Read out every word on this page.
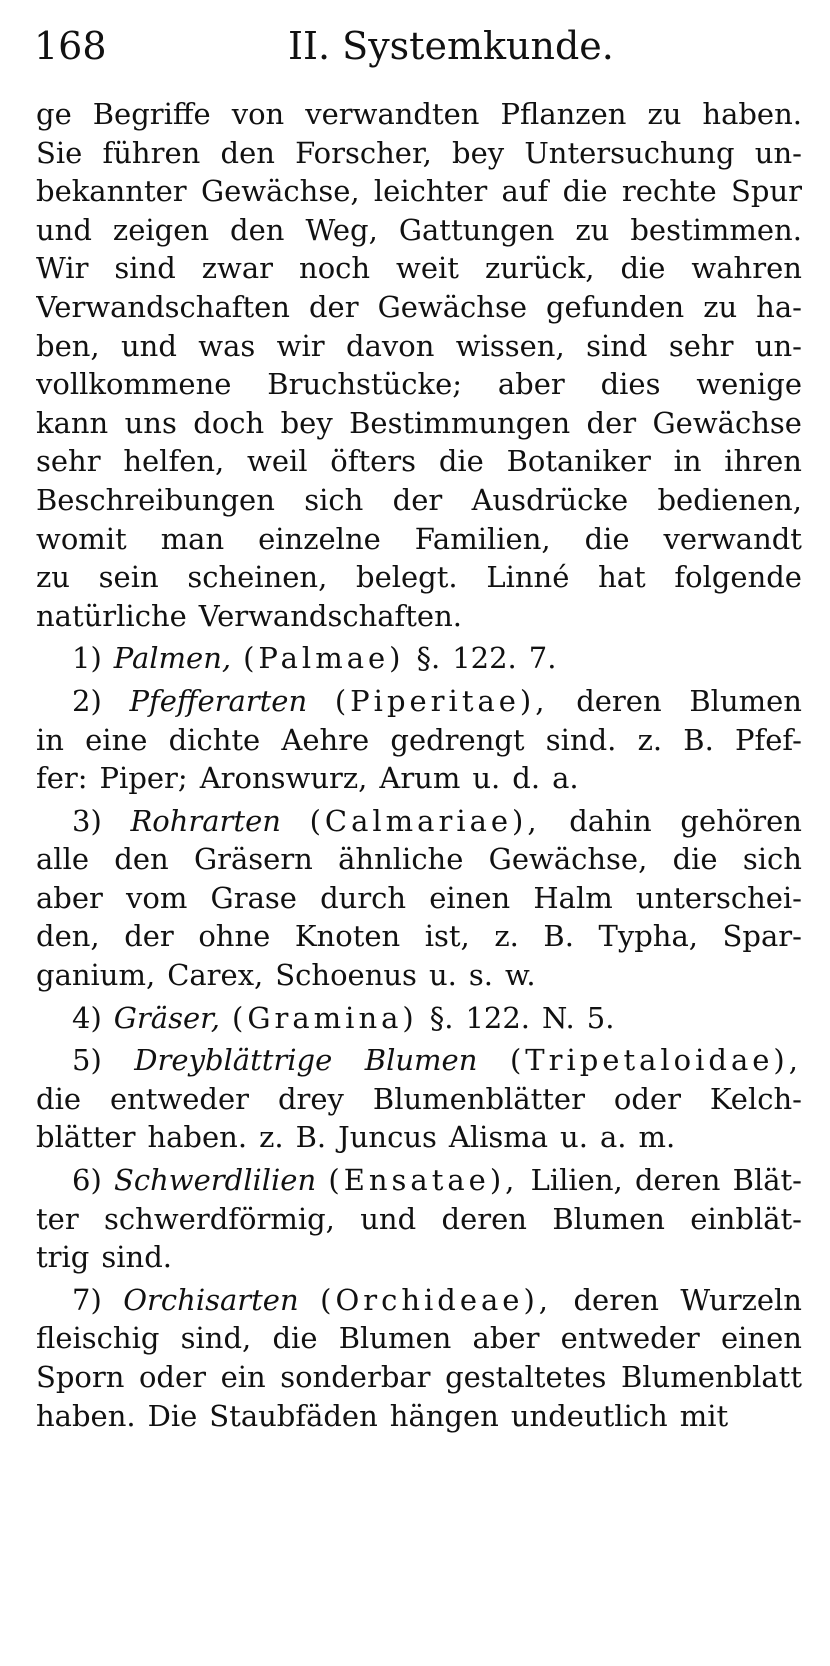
168	II. Systemkunde.
ge Begriffe von verwandten Pflanzen zu haben.
Sie führen den Forscher, bey Untersuchung un-
bekannter Gewächse, leichter auf die rechte Spur
und zeigen den Weg, Gattungen zu bestimmen.
Wir sind zwar noch weit zurück, die wahren
Verwandschaften der Gewächse gefunden zu ha-
ben, und was wir davon wissen, sind sehr un-
vollkommene Bruchstücke; aber dies wenige
kann uns doch bey Bestimmungen der Gewächse
sehr helfen, weil öfters die Botaniker in ihren
Beschreibungen sich der Ausdrücke bedienen,
womit man einzelne Familien, die verwandt
zu sein scheinen, belegt. Linné hat folgende
natürliche Verwandschaften.
1) Palmen, (Palmae) §. 122. 7.
2) Pfefferarten (Piperitae), deren Blumen
in eine dichte Aehre gedrengt sind. z. B. Pfef-
fer: Piper; Aronswurz, Arum u. d. a.
3) Rohrarten (Calmariae), dahin gehören
alle den Gräsern ähnliche Gewächse, die sich
aber vom Grase durch einen Halm unterschei-
den, der ohne Knoten ist, z. B. Typha, Spar-
ganium, Carex, Schoenus u. s. w.
4) Gräser, (Gramina) §. 122. N. 5.
5) Dreyblättrige Blumen (Tripetaloidae),
die entweder drey Blumenblätter oder Kelch-
blätter haben. z. B. Juncus Alisma u. a. m.
6) Schwerdlilien (Ensatae), Lilien, deren Blät-
ter schwerdförmig, und deren Blumen einblät-
trig sind.
7) Orchisarten (Orchideae), deren Wurzeln
fleischig sind, die Blumen aber entweder einen
Sporn oder ein sonderbar gestaltetes Blumenblatt
haben. Die Staubfäden hängen undeutlich mit
